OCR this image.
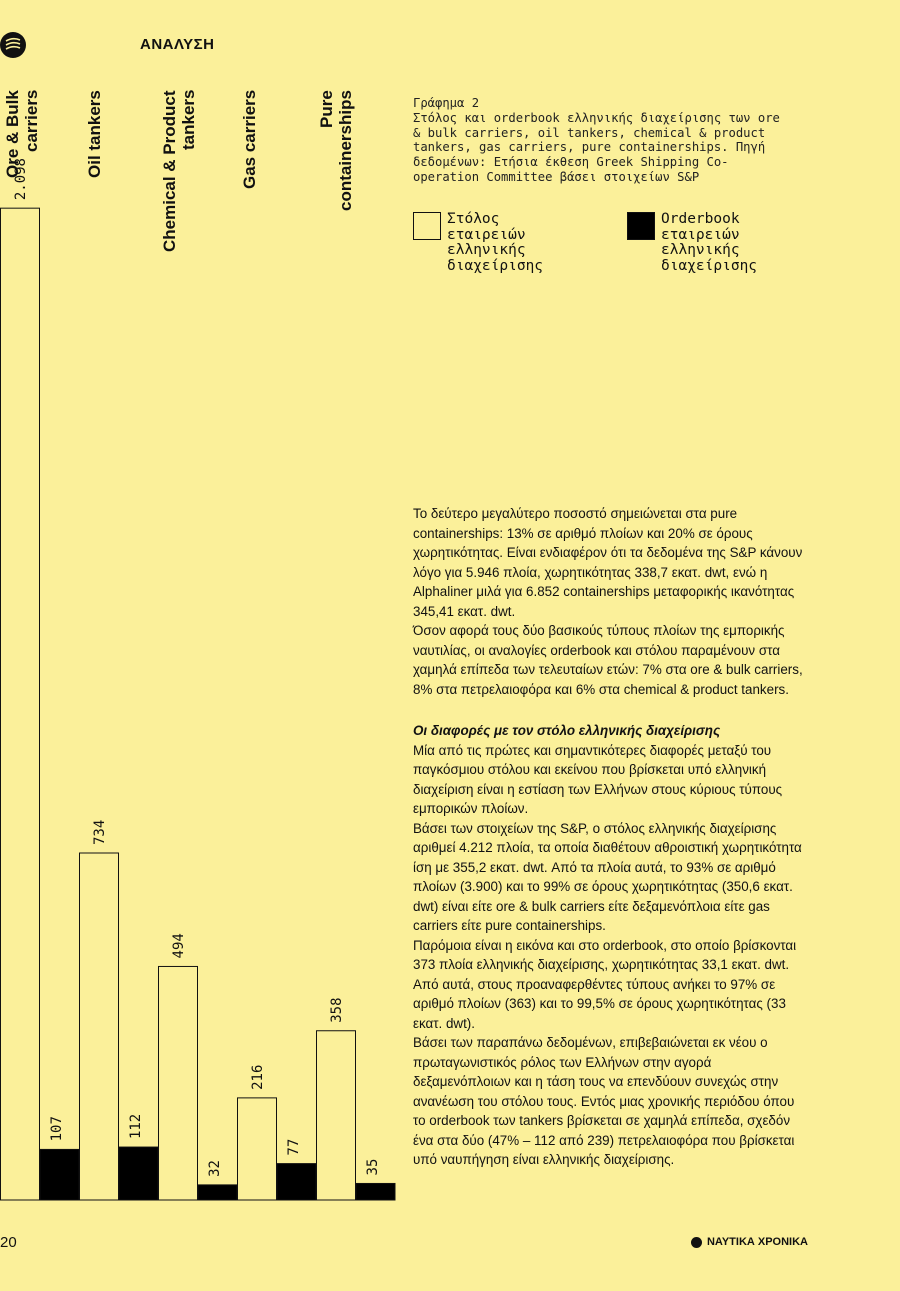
ΑΝΑΛΥΣΗ
Ore & Bulk
carriers	Oil tankers	Chemical & Product
tankers Gas carriers	Pure
containerships
2.098
107
734
112
494
32
216
77
358
35
Γράφημα 2
Στόλος και orderbook ελληνικής διαχείρισης των ore & bulk carriers, oil tankers, chemical & product tankers, gas carriers, pure containerships. Πηγή δεδομένων: Ετήσια έκθεση Greek Shipping Co-operation Committee βάσει στοιχείων S&P
Στόλος εταιρειών ελληνικής διαχείρισης
Orderbook εταιρειών ελληνικής διαχείρισης

Το δεύτερο μεγαλύτερο ποσοστό σημειώνεται στα pure containerships: 13% σε αριθμό πλοίων και 20% σε όρους χωρητικότητας. Είναι ενδιαφέρον ότι τα δεδομένα της S&P κάνουν λόγο για 5.946 πλοία, χωρητικότητας 338,7 εκατ. dwt, ενώ η Alphaliner μιλά για 6.852 containerships μεταφορικής ικανότητας 345,41 εκατ. dwt.

Όσον αφορά τους δύο βασικούς τύπους πλοίων της εμπορικής ναυτιλίας, οι αναλογίες orderbook και στόλου παραμένουν στα χαμηλά επίπεδα των τελευταίων ετών: 7% στα ore & bulk carriers, 8% στα πετρελαιοφόρα και 6% στα chemical & product tankers.

Οι διαφορές με τον στόλο ελληνικής διαχείρισης

Μία από τις πρώτες και σημαντικότερες διαφορές μεταξύ του παγκόσμιου στόλου και εκείνου που βρίσκεται υπό ελληνική διαχείριση είναι η εστίαση των Ελλήνων στους κύριους τύπους εμπορικών πλοίων.

Βάσει των στοιχείων της S&P, ο στόλος ελληνικής διαχείρισης αριθμεί 4.212 πλοία, τα οποία διαθέτουν αθροιστική χωρητικότητα ίση με 355,2 εκατ. dwt. Από τα πλοία αυτά, το 93% σε αριθμό πλοίων (3.900) και το 99% σε όρους χωρητικότητας (350,6 εκατ. dwt) είναι είτε ore & bulk carriers είτε δεξαμενόπλοια είτε gas carriers είτε pure containerships.

Παρόμοια είναι η εικόνα και στο orderbook, στο οποίο βρίσκονται 373 πλοία ελληνικής διαχείρισης, χωρητικότητας 33,1 εκατ. dwt. Από αυτά, στους προαναφερθέντες τύπους ανήκει το 97% σε αριθμό πλοίων (363) και το 99,5% σε όρους χωρητικότητας (33 εκατ. dwt).

Βάσει των παραπάνω δεδομένων, επιβεβαιώνεται εκ νέου ο πρωταγωνιστικός ρόλος των Ελλήνων στην αγορά δεξαμενόπλοιων και η τάση τους να επενδύουν συνεχώς στην ανανέωση του στόλου τους. Εντός μιας χρονικής περιόδου όπου το orderbook των tankers βρίσκεται σε χαμηλά επίπεδα, σχεδόν ένα στα δύο (47% – 112 από 239) πετρελαιοφόρα που βρίσκεται υπό ναυπήγηση είναι ελληνικής διαχείρισης.

20	ΝΑΥΤΙΚΑ ΧΡΟΝΙΚΑ
